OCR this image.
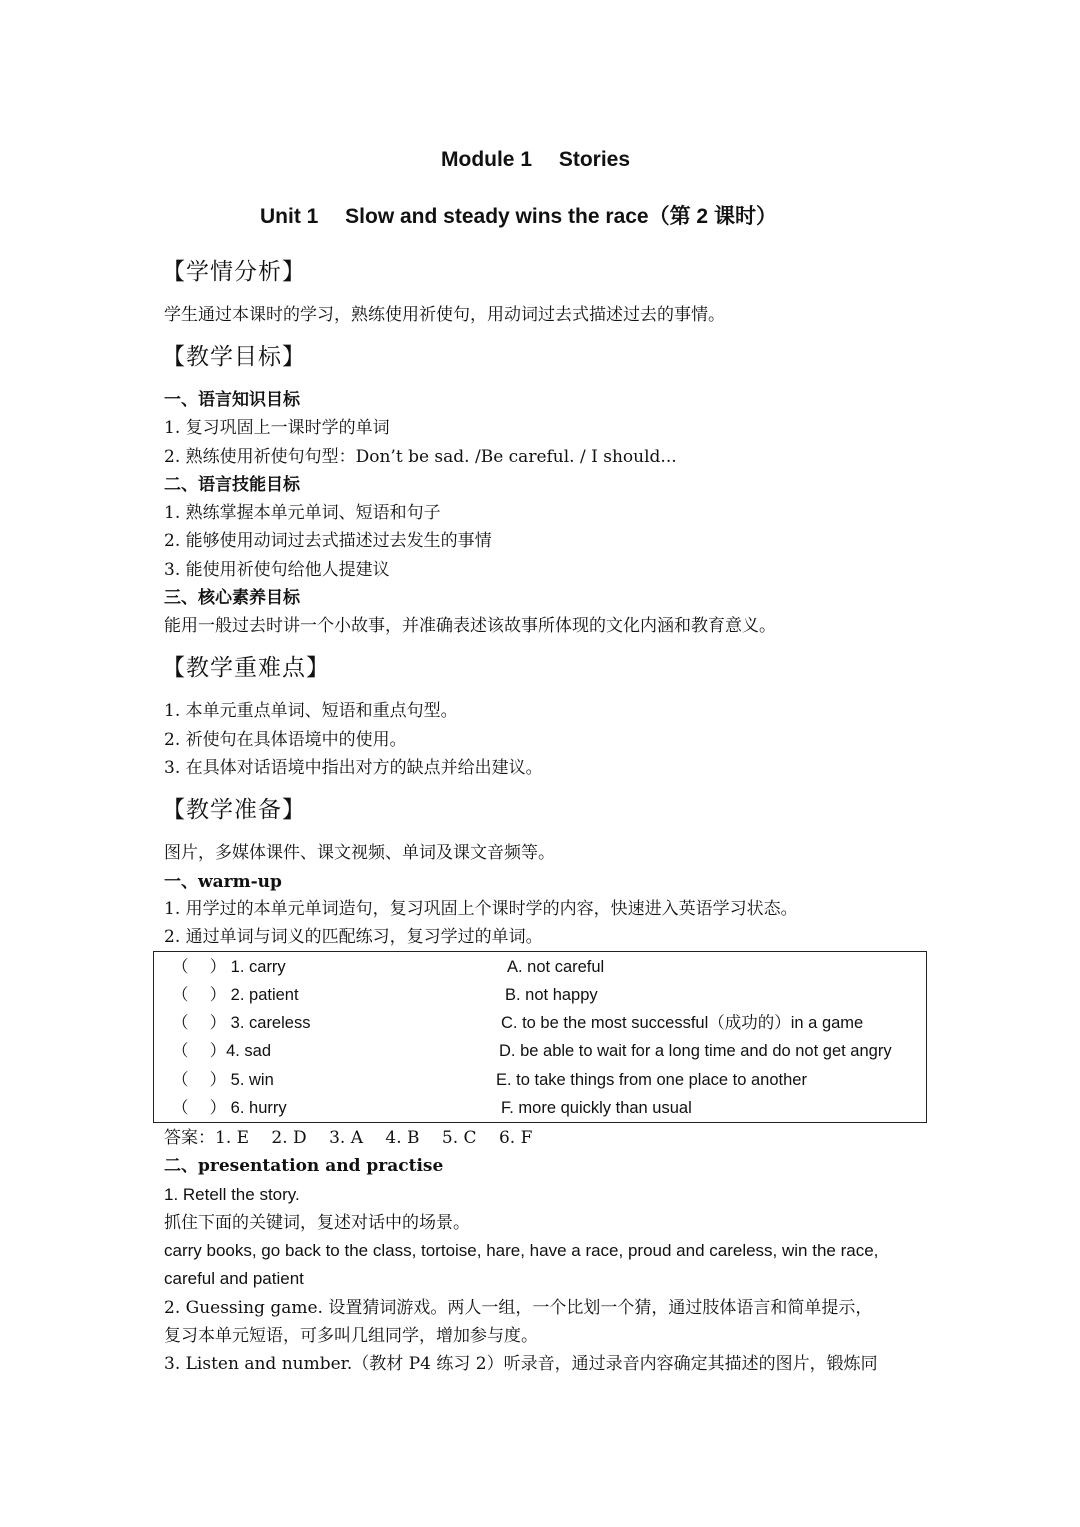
Module 1　 Stories
Unit 1　 Slow and steady wins the race（第 2 课时）
【学情分析】
学生通过本课时的学习，熟练使用祈使句，用动词过去式描述过去的事情。
【教学目标】
一、语言知识目标
1. 复习巩固上一课时学的单词
2. 熟练使用祈使句句型：Don’t be sad. /Be careful. / I should...
二、语言技能目标
1. 熟练掌握本单元单词、短语和句子
2. 能够使用动词过去式描述过去发生的事情
3. 能使用祈使句给他人提建议
三、核心素养目标
能用一般过去时讲一个小故事，并准确表述该故事所体现的文化内涵和教育意义。
【教学重难点】
1. 本单元重点单词、短语和重点句型。
2. 祈使句在具体语境中的使用。
3. 在具体对话语境中指出对方的缺点并给出建议。
【教学准备】
图片，多媒体课件、课文视频、单词及课文音频等。
一、warm-up
1. 用学过的本单元单词造句，复习巩固上个课时学的内容，快速进入英语学习状态。
2. 通过单词与词义的匹配练习，复习学过的单词。
（　 ） 1. carry
（　 ） 2. patient
（　 ） 3. careless
（　 ）4. sad
（　 ） 5. win
（　 ） 6. hurry
A. not careful
B. not happy
C. to be the most successful（成功的）in a game
D. be able to wait for a long time and do not get angry
E. to take things from one place to another
F. more quickly than usual
答案：1. E　 2. D　 3. A　 4. B　 5. C　 6. F
二、presentation and practise
1. Retell the story.
抓住下面的关键词，复述对话中的场景。
carry books, go back to the class, tortoise, hare, have a race, proud and careless, win the race,
careful and patient
2. Guessing game. 设置猜词游戏。两人一组，一个比划一个猜，通过肢体语言和简单提示，
复习本单元短语，可多叫几组同学，增加参与度。
3. Listen and number.（教材 P4 练习 2）听录音，通过录音内容确定其描述的图片，锻炼同
